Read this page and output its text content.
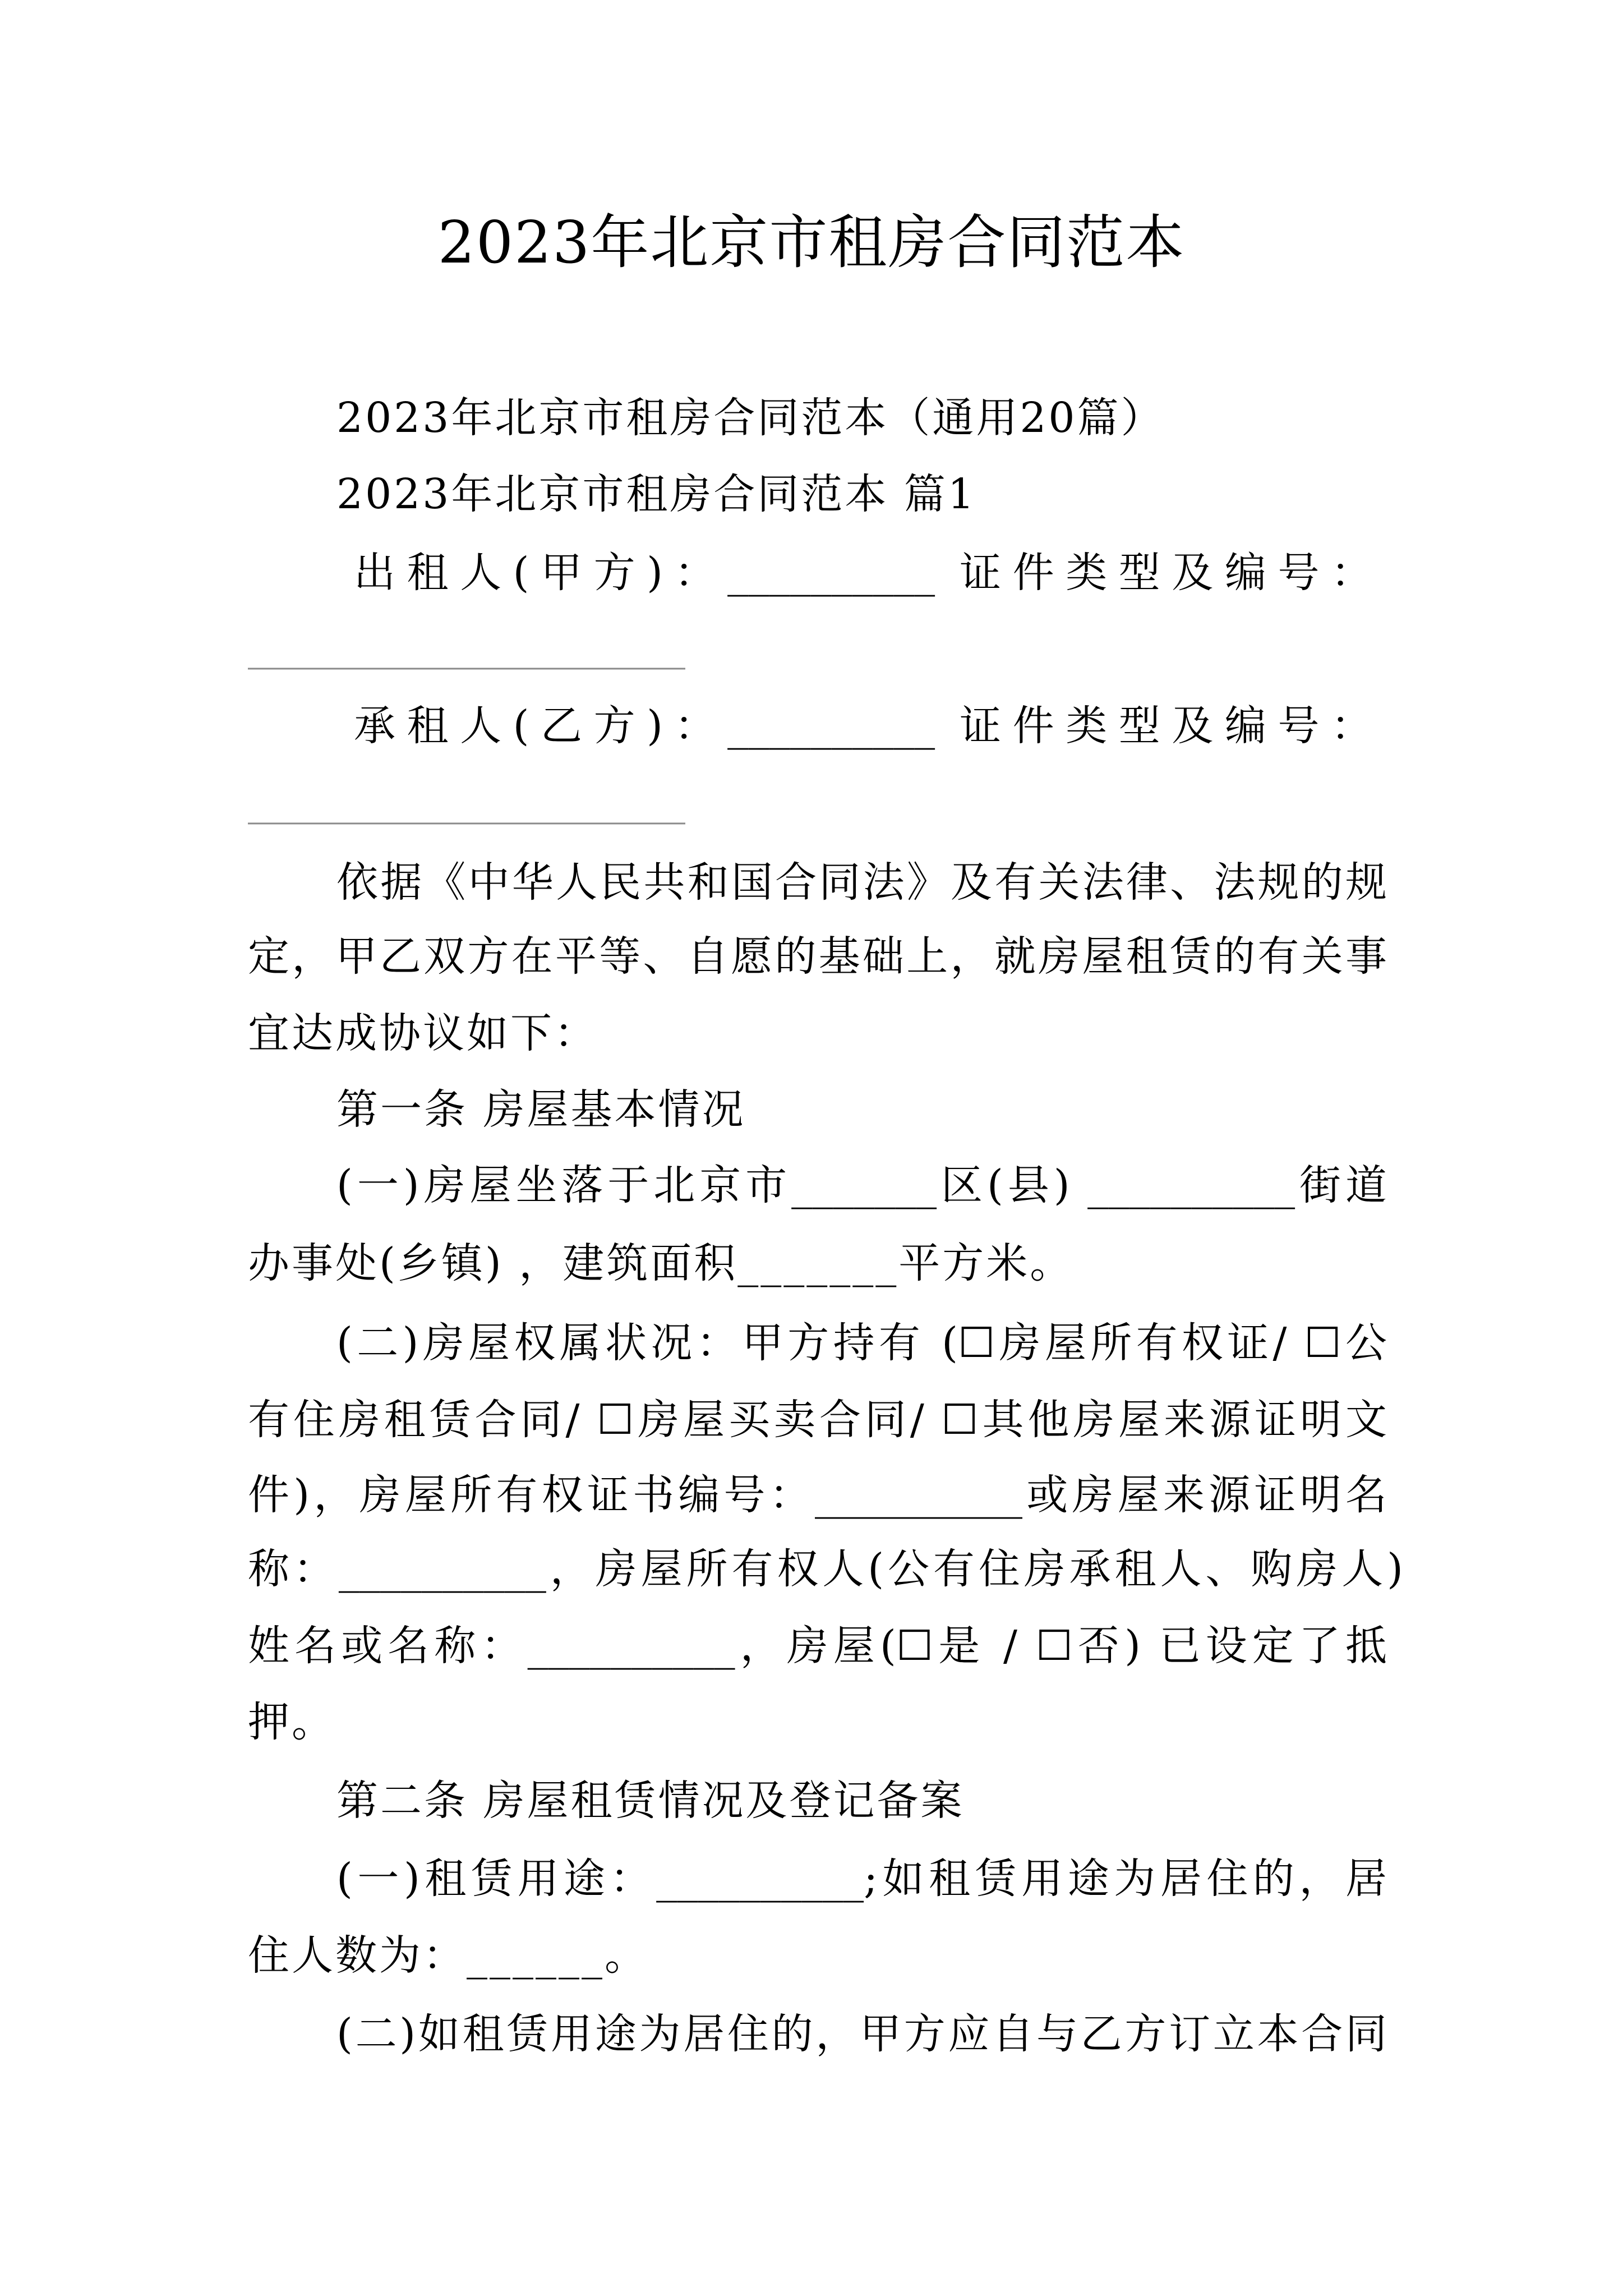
2023年北京市租房合同范本
2023年北京市租房合同范本（通用20篇）
2023年北京市租房合同范本 篇1
出租人(甲方)：__________ 证件类型及编号：
____________________
承租人(乙方)：__________ 证件类型及编号：
____________________
依据《中华人民共和国合同法》及有关法律、法规的规
定，甲乙双方在平等、自愿的基础上，就房屋租赁的有关事
宜达成协议如下：
第一条 房屋基本情况
(一)房屋坐落于北京市_______区(县) __________街道
办事处(乡镇) ，建筑面积_______平方米。
(二)房屋权属状况：甲方持有 (☐房屋所有权证/ ☐公
有住房租赁合同/ ☐房屋买卖合同/ ☐其他房屋来源证明文
件)，房屋所有权证书编号：__________或房屋来源证明名
称：__________，房屋所有权人(公有住房承租人、购房人)
姓名或名称：__________，房屋(☐是 / ☐否) 已设定了抵
押。
第二条 房屋租赁情况及登记备案
(一)租赁用途：__________;如租赁用途为居住的，居
住人数为：______。
(二)如租赁用途为居住的，甲方应自与乙方订立本合同
